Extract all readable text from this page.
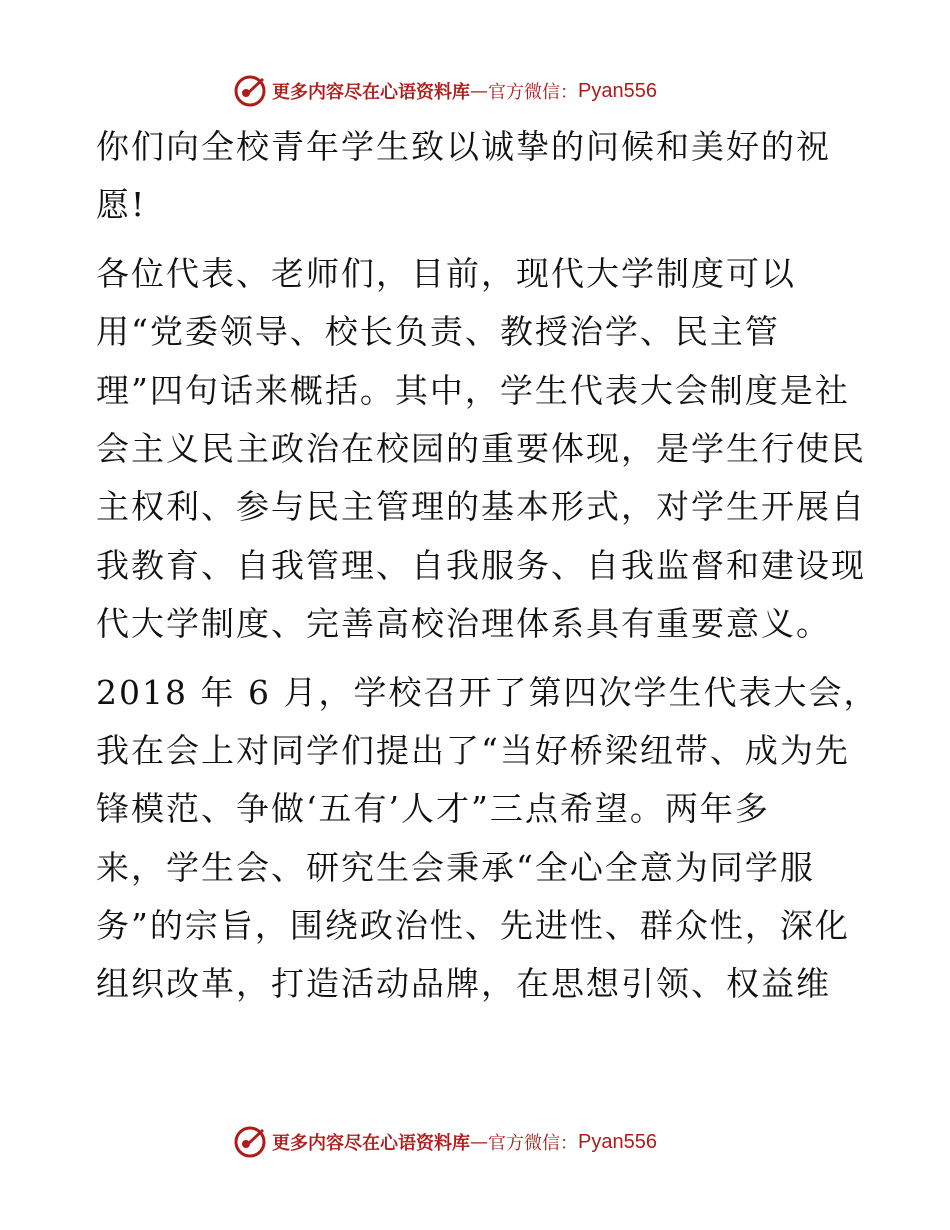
更多内容尽在心语资料库 — 官方微信： Pyan556
你们向全校青年学生致以诚挚的问候和美好的祝
愿!
各位代表、老师们，目前，现代大学制度可以
用“党委领导、校长负责、教授治学、民主管
理”四句话来概括。其中，学生代表大会制度是社
会主义民主政治在校园的重要体现，是学生行使民
主权利、参与民主管理的基本形式，对学生开展自
我教育、自我管理、自我服务、自我监督和建设现
代大学制度、完善高校治理体系具有重要意义。
2018 年 6 月，学校召开了第四次学生代表大会，
我在会上对同学们提出了“当好桥梁纽带、成为先
锋模范、争做‘五有’人才”三点希望。两年多
来，学生会、研究生会秉承“全心全意为同学服
务”的宗旨，围绕政治性、先进性、群众性，深化
组织改革，打造活动品牌，在思想引领、权益维
更多内容尽在心语资料库 — 官方微信： Pyan556
